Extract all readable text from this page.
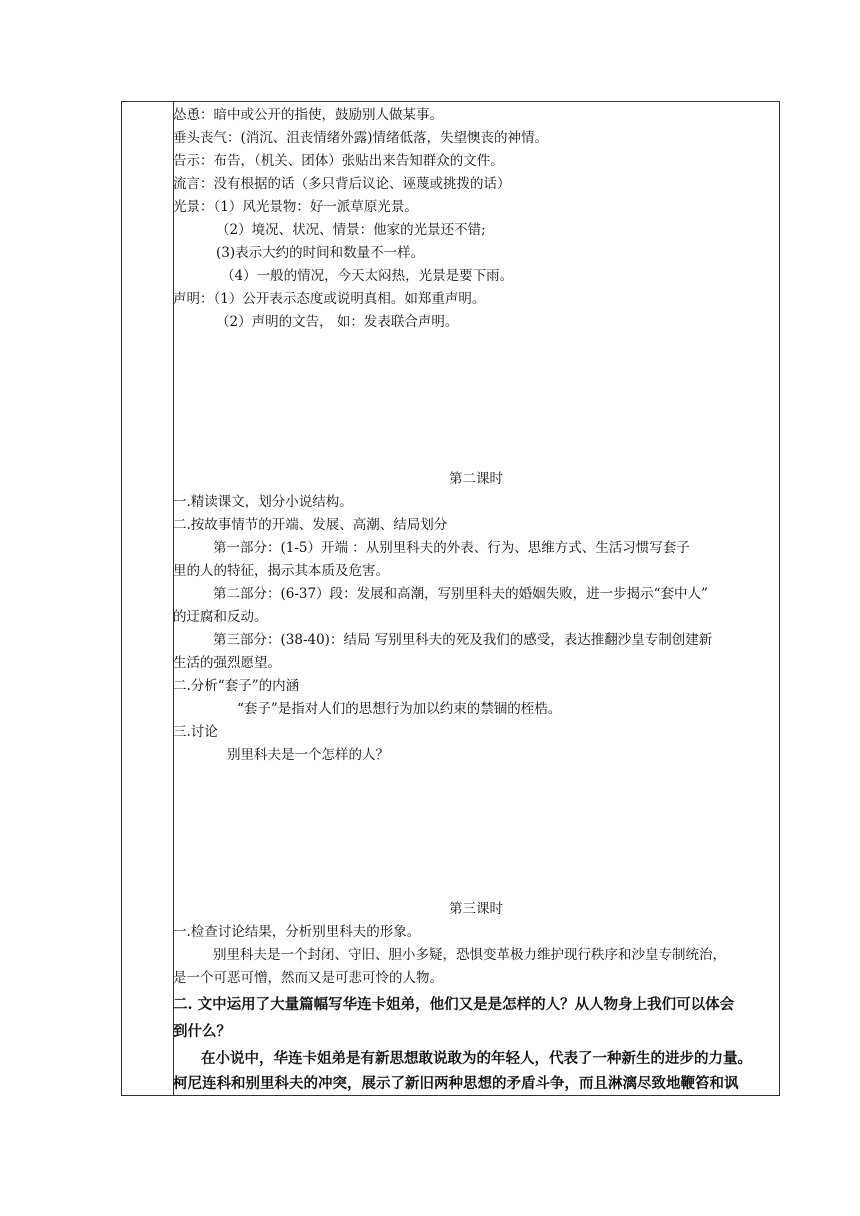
怂恿：暗中或公开的指使，鼓励别人做某事。
垂头丧气：(消沉、沮丧情绪外露)情绪低落，失望懊丧的神情。
告示：布告，（机关、团体）张贴出来告知群众的文件。
流言：没有根据的话（多只背后议论、诬蔑或挑拨的话）
光景：（1）风光景物：好一派草原光景。
（2）境况、状况、情景：他家的光景还不错;
(3)表示大约的时间和数量不一样。
（4）一般的情况，今天太闷热，光景是要下雨。
声明：（1）公开表示态度或说明真相。如郑重声明。
（2）声明的文告， 如：发表联合声明。
第二课时
一.精读课文，划分小说结构。
二.按故事情节的开端、发展、高潮、结局划分
第一部分：(1-5）开端 ：从别里科夫的外表、行为、思维方式、生活习惯写套子
里的人的特征，揭示其本质及危害。
第二部分：(6-37）段：发展和高潮，写别里科夫的婚姻失败，进一步揭示“套中人”
的迂腐和反动。
第三部分：(38-40)：结局 写别里科夫的死及我们的感受，表达推翻沙皇专制创建新
生活的强烈愿望。
二.分析“套子”的内涵
“套子”是指对人们的思想行为加以约束的禁锢的桎梏。
三.讨论
别里科夫是一个怎样的人？
第三课时
一.检查讨论结果，分析别里科夫的形象。
别里科夫是一个封闭、守旧、胆小多疑，恐惧变革极力维护现行秩序和沙皇专制统治，
是一个可恶可憎，然而又是可悲可怜的人物。
二. 文中运用了大量篇幅写华连卡姐弟，他们又是是怎样的人？从人物身上我们可以体会
到什么？
在小说中，华连卡姐弟是有新思想敢说敢为的年轻人，代表了一种新生的进步的力量。
柯尼连科和别里科夫的冲突，展示了新旧两种思想的矛盾斗争，而且淋漓尽致地鞭笞和讽
